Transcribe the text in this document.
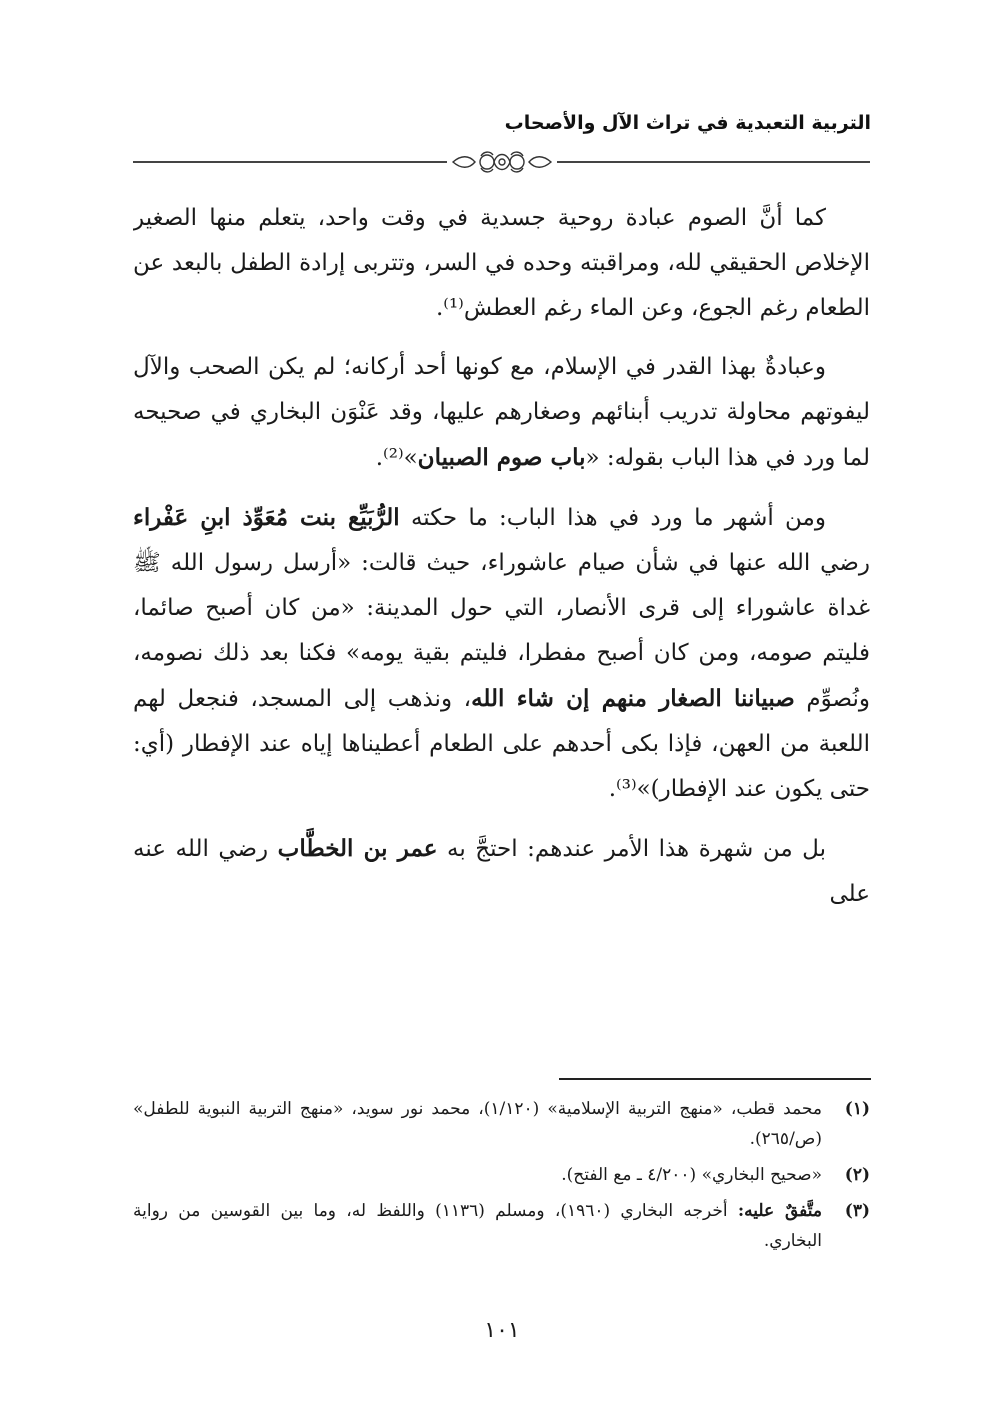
التربية التعبدية في تراث الآل والأصحاب

كما أنَّ الصوم عبادة روحية جسدية في وقت واحد، يتعلم منها الصغير الإخلاص الحقيقي لله، ومراقبته وحده في السر، وتتربى إرادة الطفل بالبعد عن الطعام رغم الجوع، وعن الماء رغم العطش⁽¹⁾.

وعبادةٌ بهذا القدر في الإسلام، مع كونها أحد أركانه؛ لم يكن الصحب والآل ليفوتهم محاولة تدريب أبنائهم وصغارهم عليها، وقد عَنْوَن البخاري في صحيحه لما ورد في هذا الباب بقوله: «باب صوم الصبيان»⁽²⁾.

ومن أشهر ما ورد في هذا الباب: ما حكته الرُّبَيِّع بنت مُعَوِّذ ابنِ عَفْراء رضي الله عنها في شأن صيام عاشوراء، حيث قالت: «أرسل رسول الله ﷺ غداة عاشوراء إلى قرى الأنصار، التي حول المدينة: «من كان أصبح صائما، فليتم صومه، ومن كان أصبح مفطرا، فليتم بقية يومه» فكنا بعد ذلك نصومه، ونُصوِّم صبياننا الصغار منهم إن شاء الله، ونذهب إلى المسجد، فنجعل لهم اللعبة من العهن، فإذا بكى أحدهم على الطعام أعطيناها إياه عند الإفطار (أي: حتى يكون عند الإفطار)»⁽³⁾.

بل من شهرة هذا الأمر عندهم: احتجَّ به عمر بن الخطَّاب رضي الله عنه على

(١)
محمد قطب، «منهج التربية الإسلامية» (١/١٢٠)، محمد نور سويد، «منهج التربية النبوية للطفل» (ص/٢٦٥).
(٢)
«صحيح البخاري» (٤/٢٠٠ ـ مع الفتح).
(٣)
متَّفقٌ عليه: أخرجه البخاري (١٩٦٠)، ومسلم (١١٣٦) واللفظ له، وما بين القوسين من رواية البخاري.
١٠١
